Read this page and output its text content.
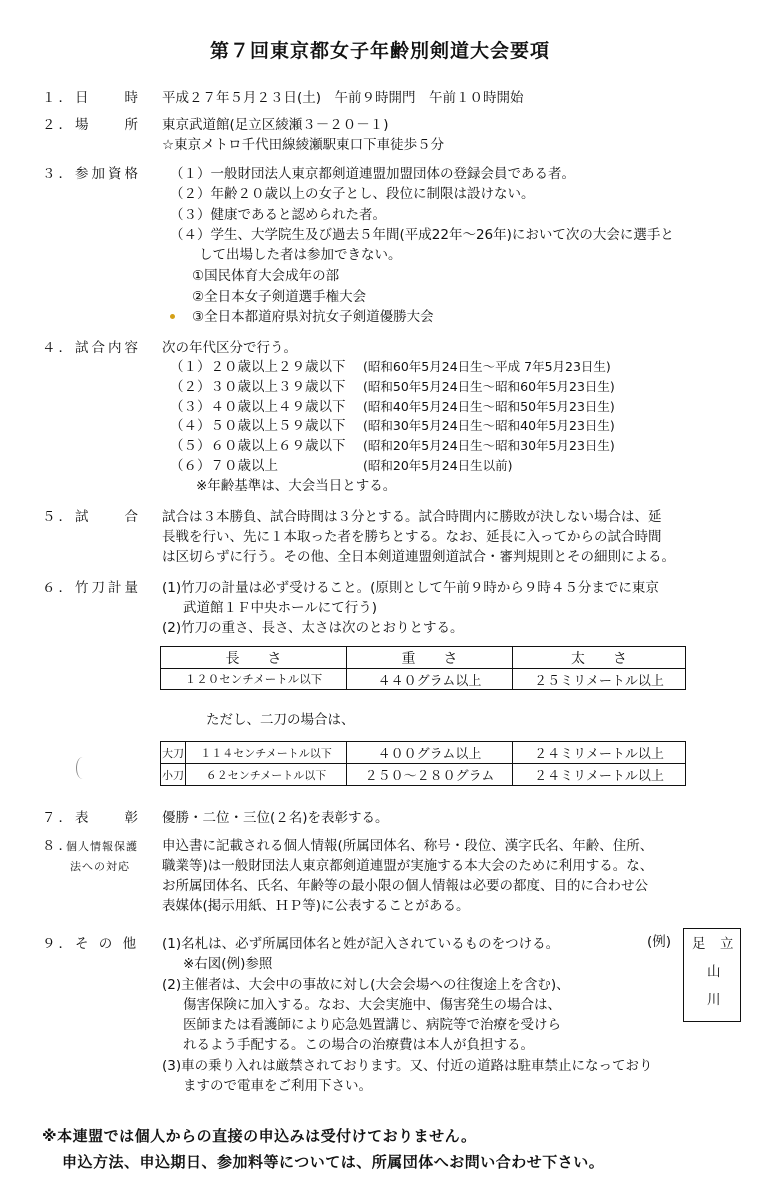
第７回東京都女子年齢別剣道大会要項
１．日　　時 平成２７年５月２３日(土)　午前９時開門　午前１０時開始
２．場　　所 東京武道館(足立区綾瀬３－２０－１)
☆東京メトロ千代田線綾瀬駅東口下車徒歩５分
３．参加資格 （１）一般財団法人東京都剣道連盟加盟団体の登録会員である者。
（２）年齢２０歳以上の女子とし、段位に制限は設けない。
（３）健康であると認められた者。
（４）学生、大学院生及び過去５年間(平成22年～26年)において次の大会に選手と
して出場した者は参加できない。
①国民体育大会成年の部
②全日本女子剣道選手権大会
③全日本都道府県対抗女子剣道優勝大会
４．試合内容 次の年代区分で行う。
（１）２０歳以上２９歳以下 (昭和60年5月24日生～平成 7年5月23日生)
（２）３０歳以上３９歳以下 (昭和50年5月24日生～昭和60年5月23日生)
（３）４０歳以上４９歳以下 (昭和40年5月24日生～昭和50年5月23日生)
（４）５０歳以上５９歳以下 (昭和30年5月24日生～昭和40年5月23日生)
（５）６０歳以上６９歳以下 (昭和20年5月24日生～昭和30年5月23日生)
（６）７０歳以上	(昭和20年5月24日生以前)
※年齢基準は、大会当日とする。
５．試　　合 試合は３本勝負、試合時間は３分とする。試合時間内に勝敗が決しない場合は、延
長戦を行い、先に１本取った者を勝ちとする。なお、延長に入ってからの試合時間
は区切らずに行う。その他、全日本剣道連盟剣道試合・審判規則とその細則による。
６．竹刀計量 (1)竹刀の計量は必ず受けること。(原則として午前９時から９時４５分までに東京
武道館１Ｆ中央ホールにて行う)
(2)竹刀の重さ、長さ、太さは次のとおりとする。
長　　さ	重　　さ	太　　さ
１２０センチメートル以下	４４０グラム以上	２５ミリメートル以上
ただし、二刀の場合は、
大刀	１１４センチメートル以下	４００グラム以上	２４ミリメートル以上
小刀	６２センチメートル以下	２５０～２８０グラム	２４ミリメートル以上
７．表　　彰 優勝・二位・三位(２名)を表彰する。
８．
個人情報保護
法への対応
申込書に記載される個人情報(所属団体名、称号・段位、漢字氏名、年齢、住所、
職業等)は一般財団法人東京都剣道連盟が実施する本大会のために利用する。な、
お所属団体名、氏名、年齢等の最小限の個人情報は必要の都度、目的に合わせ公
表媒体(掲示用紙、ＨＰ等)に公表することがある。
９．そ の 他 (1)名札は、必ず所属団体名と姓が記入されているものをつける。
※右図(例)参照
(2)主催者は、大会中の事故に対し(大会会場への往復途上を含む)、
傷害保険に加入する。なお、大会実施中、傷害発生の場合は、
医師または看護師により応急処置講じ、病院等で治療を受けら
れるよう手配する。この場合の治療費は本人が負担する。
(3)車の乗り入れは厳禁されております。又、付近の道路は駐車禁止になっており
ますので電車をご利用下さい。
(例) 足 立
山
川
※本連盟では個人からの直接の申込みは受付けておりません。
申込方法、申込期日、参加料等については、所属団体へお問い合わせ下さい。
